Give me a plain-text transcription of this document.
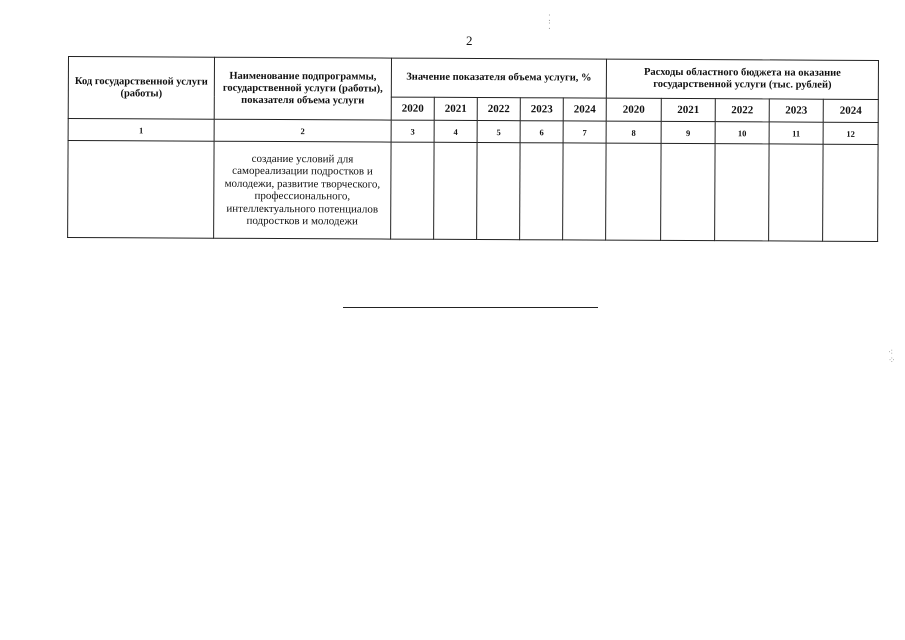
2
Код государственной услуги (работы)	Наименование подпрограммы, государственной услуги (работы), показателя объема услуги	Значение показателя объема услуги, %					Расходы областного бюджета на оказание государственной услуги (тыс. рублей)				
		2020	2021	2022	2023	2024	2020	2021	2022	2023	2024
1	2	3	4	5	6	7	8	9	10	11	12
	создание условий для самореализации подростков и молодежи, развитие творческого, профессионального, интеллектуального потенциалов подростков и молодежи										
⁚
⁚
⁖
⁘
